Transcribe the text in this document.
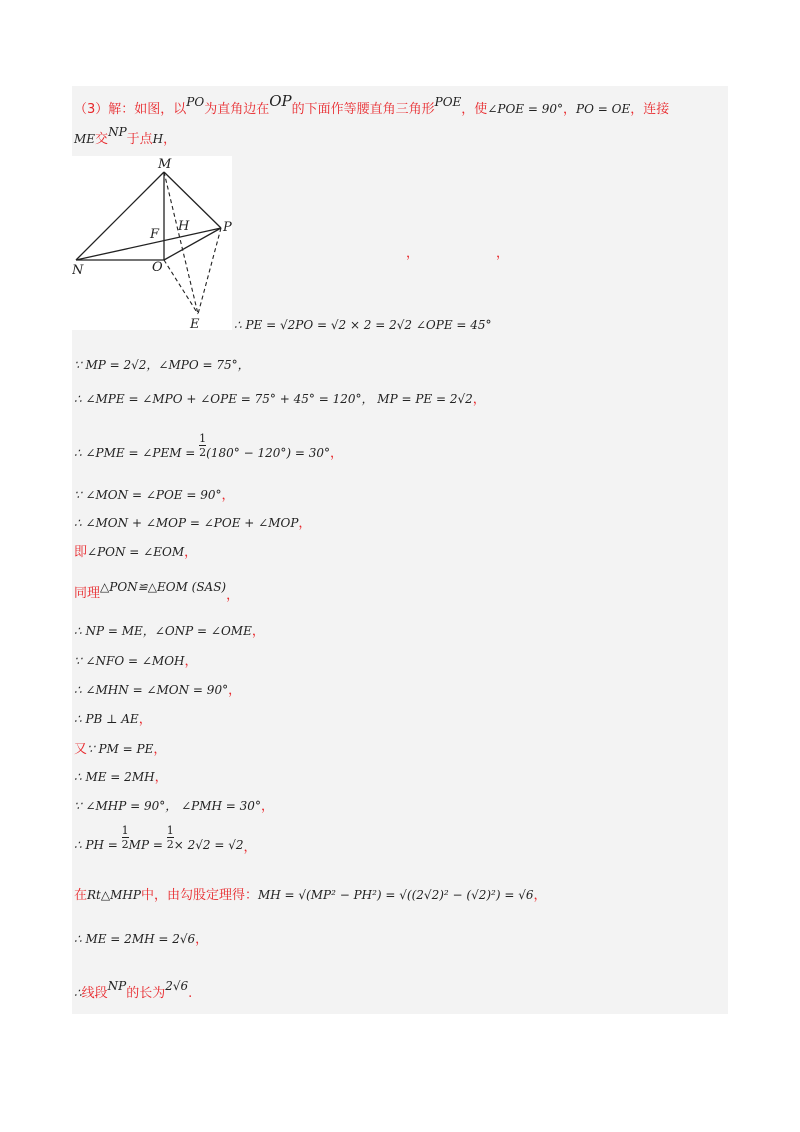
（3）解：如图，以PO为直角边在OP的下面作等腰直角三角形POE，使∠POE = 90°，PO = OE，连接
ME交NP于点H，
M
N	O
P
F
H
E
，	，
∴ PE = √2PO = √2 × 2 = 2√2 ∠OPE = 45°
∵ MP = 2√2，∠MPO = 75°，
∴ ∠MPE = ∠MPO + ∠OPE = 75° + 45° = 120°， MP = PE = 2√2，
∴ ∠PME = ∠PEM = $\frac{1}{2} (180^\circ - 120^\circ) = 30^\circ$，
∵ ∠MON = ∠POE = 90°，
∴ ∠MON + ∠MOP = ∠POE + ∠MOP，
即∠PON = ∠EOM，
同理△PON≌△EOM (SAS)，
∴ NP = ME，∠ONP = ∠OME，
∵ ∠NFO = ∠MOH，
∴ ∠MHN = ∠MON = 90°，
∴ PB ⊥ AE，
又∵ PM = PE，
∴ ME = 2MH，
∵ ∠MHP = 90°， ∠PMH = 30°，
∴ PH = $\frac{1}{2}$ MP = $\frac{1}{2} \times 2√2 = √2$，
在Rt△MHP中，由勾股定理得：MH = √(MP² − PH²) = √((2√2)² − (√2)²) = √6，
∴ ME = 2MH = 2√6，
∴线段NP的长为2√6.
